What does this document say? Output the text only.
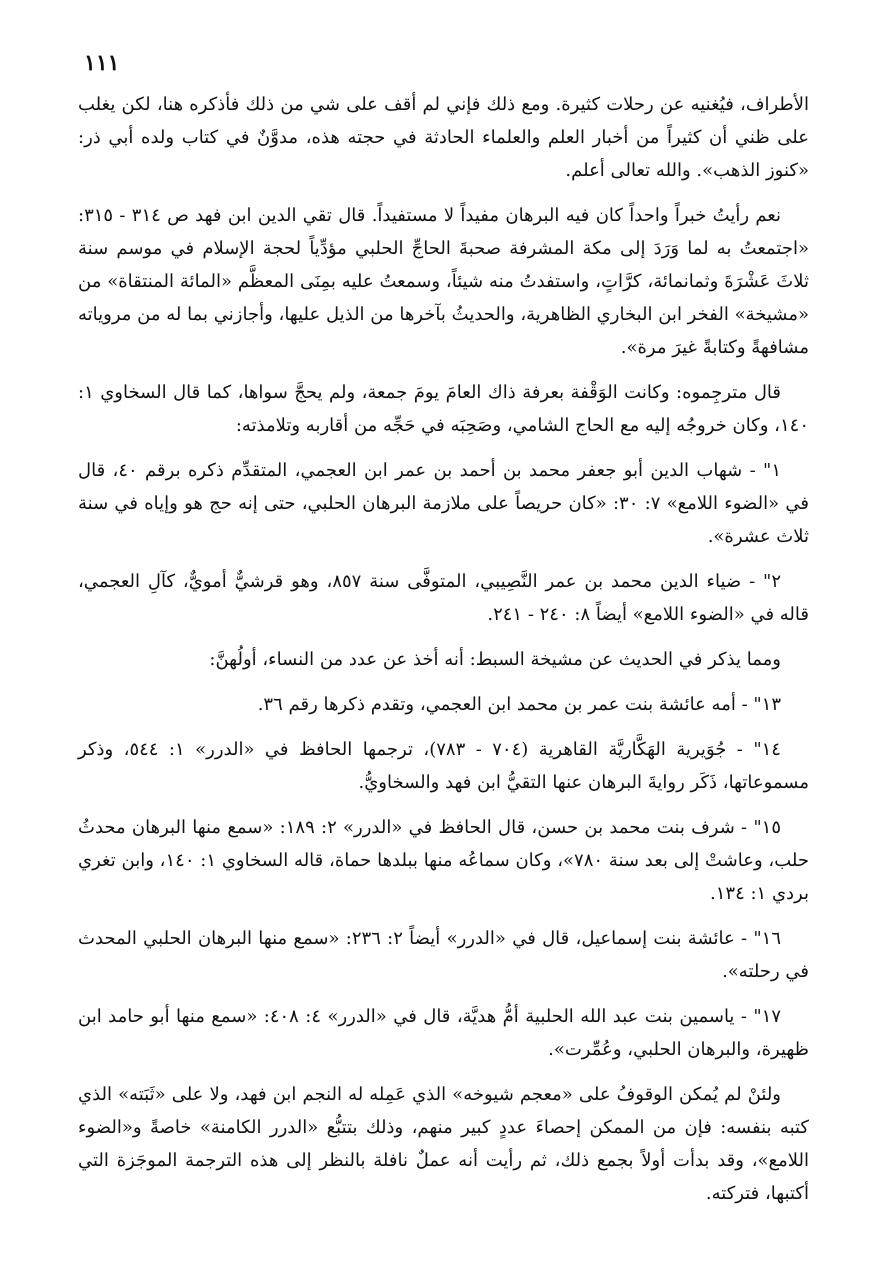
١١١

الأطراف، فيُغنيه عن رحلات كثيرة. ومع ذلك فإني لم أقف على شي من ذلك فأذكره هنا، لكن يغلب على ظني أن كثيراً من أخبار العلم والعلماء الحادثة في حجته هذه، مدوَّنٌ في كتاب ولده أبي ذر: «كنوز الذهب». والله تعالى أعلم.

نعم رأيتُ خبراً واحداً كان فيه البرهان مفيداً لا مستفيداً. قال تقي الدين ابن فهد ص ٣١٤ - ٣١٥: «اجتمعتُ به لما وَرَدَ إلى مكة المشرفة صحبةَ الحاجِّ الحلبي مؤدِّياً لحجة الإسلام في موسم سنة ثلاثَ عَشْرَةَ وثمانمائة، كرَّاتٍ، واستفدتُ منه شيئاً، وسمعتُ عليه بمِنَى المعظَّم «المائة المنتقاة» من «مشيخة» الفخر ابن البخاري الظاهرية، والحديثُ بآخرها من الذيل عليها، وأجازني بما له من مروياته مشافهةً وكتابةً غيرَ مرة».

قال مترجِموه: وكانت الوَقْفة بعرفة ذاك العامَ يومَ جمعة، ولم يحجَّ سواها، كما قال السخاوي ١: ١٤٠، وكان خروجُه إليه مع الحاج الشامي، وصَحِبَه في حَجِّه من أقاربه وتلامذته:

١" - شهاب الدين أبو جعفر محمد بن أحمد بن عمر ابن العجمي، المتقدِّم ذكره برقم ٤٠، قال في «الضوء اللامع» ٧: ٣٠: «كان حريصاً على ملازمة البرهان الحلبي، حتى إنه حج هو وإياه في سنة ثلاث عشرة».

٢" - ضياء الدين محمد بن عمر النَّصِيبي، المتوفَّى سنة ٨٥٧، وهو قرشيٌّ أمويٌّ، كآلِ العجمي، قاله في «الضوء اللامع» أيضاً ٨: ٢٤٠ - ٢٤١.

ومما يذكر في الحديث عن مشيخة السبط: أنه أخذ عن عدد من النساء، أولُهنَّ:

١٣" - أمه عائشة بنت عمر بن محمد ابن العجمي، وتقدم ذكرها رقم ٣٦.

١٤" - جُوَيرية الهَكَّاريَّة القاهرية (٧٠٤ - ٧٨٣)، ترجمها الحافظ في «الدرر» ١: ٥٤٤، وذكر مسموعاتها، ذَكَر روايةَ البرهان عنها التقيُّ ابن فهد والسخاويُّ.

١٥" - شرف بنت محمد بن حسن، قال الحافظ في «الدرر» ٢: ١٨٩: «سمع منها البرهان محدثُ حلب، وعاشتْ إلى بعد سنة ٧٨٠»، وكان سماعُه منها ببلدها حماة، قاله السخاوي ١: ١٤٠، وابن تغري بردي ١: ١٣٤.

١٦" - عائشة بنت إسماعيل، قال في «الدرر» أيضاً ٢: ٢٣٦: «سمع منها البرهان الحلبي المحدث في رحلته».

١٧" - ياسمين بنت عبد الله الحلبية أمُّ هديَّة، قال في «الدرر» ٤: ٤٠٨: «سمع منها أبو حامد ابن ظهيرة، والبرهان الحلبي، وعُمِّرت».

ولئنْ لم يُمكن الوقوفُ على «معجم شيوخه» الذي عَمِله له النجم ابن فهد، ولا على «ثَبَته» الذي كتبه بنفسه: فإن من الممكن إحصاءَ عددٍ كبير منهم، وذلك بتتبُّع «الدرر الكامنة» خاصةً و«الضوء اللامع»، وقد بدأت أولاً بجمع ذلك، ثم رأيت أنه عملٌ نافلة بالنظر إلى هذه الترجمة الموجَزة التي أكتبها، فتركته.
